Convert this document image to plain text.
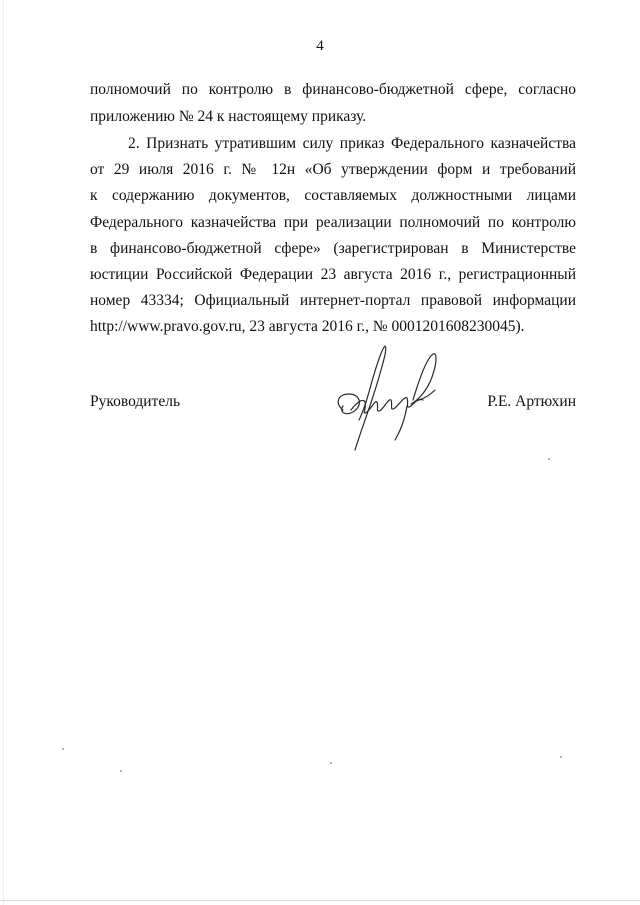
4
полномочий по контролю в финансово-бюджетной сфере, согласно
приложению № 24 к настоящему приказу.
2. Признать утратившим силу приказ Федерального казначейства
от 29 июля 2016 г. № 12н «Об утверждении форм и требований
к содержанию документов, составляемых должностными лицами
Федерального казначейства при реализации полномочий по контролю
в финансово-бюджетной сфере» (зарегистрирован в Министерстве
юстиции Российской Федерации 23 августа 2016 г., регистрационный
номер 43334; Официальный интернет-портал правовой информации
http://www.pravo.gov.ru, 23 августа 2016 г., № 0001201608230045).
Руководитель	Р.Е. Артюхин
